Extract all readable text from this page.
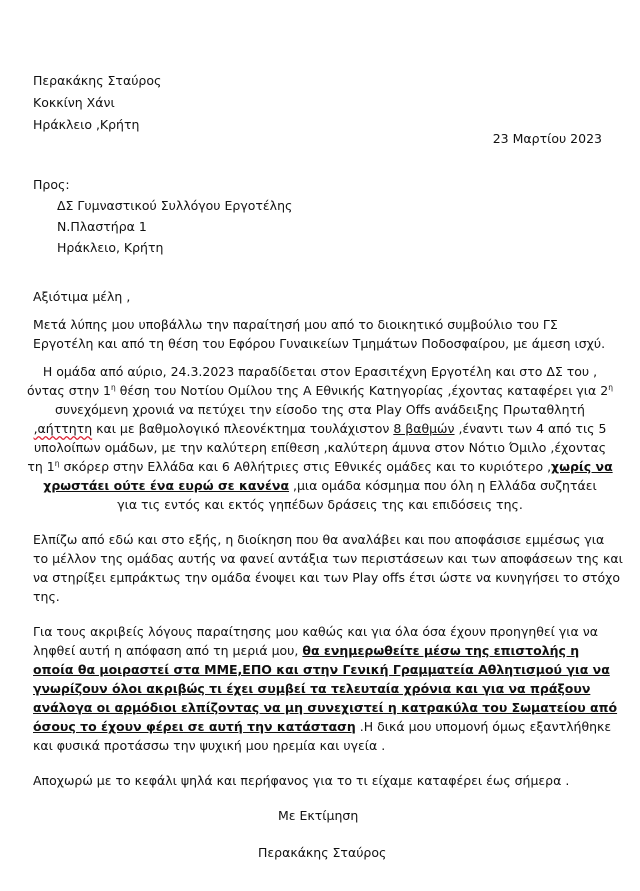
Περακάκης Σταύρος
Κοκκίνη Χάνι
Ηράκλειο ,Κρήτη
23 Μαρτίου 2023
Προς:
ΔΣ Γυμναστικού Συλλόγου Εργοτέλης
Ν.Πλαστήρα 1
Ηράκλειο, Κρήτη
Αξιότιμα μέλη ,
Μετά λύπης μου υποβάλλω την παραίτησή μου από το διοικητικό συμβούλιο του ΓΣ
Εργοτέλη και από τη θέση του Εφόρου Γυναικείων Τμημάτων Ποδοσφαίρου, με άμεση ισχύ.
Η ομάδα από αύριο, 24.3.2023 παραδίδεται στον Ερασιτέχνη Εργοτέλη και στο ΔΣ του ,
όντας στην $1^\eta$ θέση του Νοτίου Ομίλου της Α Εθνικής Κατηγορίας ,έχοντας καταφέρει για $2^\eta$
συνεχόμενη χρονιά να πετύχει την είσοδο της στα Play Offs ανάδειξης Πρωταθλητή
,αήττητη και με βαθμολογικό πλεονέκτημα τουλάχιστον 8 βαθμών ,έναντι των 4 από τις 5
υπολοίπων ομάδων, με την καλύτερη επίθεση ,καλύτερη άμυνα στον Νότιο Όμιλο ,έχοντας
τη $1^\eta$ σκόρερ στην Ελλάδα και 6 Αθλήτριες στις Εθνικές ομάδες και το κυριότερο ,χωρίς να
χρωστάει ούτε ένα ευρώ σε κανένα ,μια ομάδα κόσμημα που όλη η Ελλάδα συζητάει
για τις εντός και εκτός γηπέδων δράσεις της και επιδόσεις της.
Ελπίζω από εδώ και στο εξής, η διοίκηση που θα αναλάβει και που αποφάσισε εμμέσως για
το μέλλον της ομάδας αυτής να φανεί αντάξια των περιστάσεων και των αποφάσεων της και
να στηρίξει εμπράκτως την ομάδα ένοψει και των Play offs έτσι ώστε να κυνηγήσει το στόχο
της.
Για τους ακριβείς λόγους παραίτησης μου καθώς και για όλα όσα έχουν προηγηθεί για να
ληφθεί αυτή η απόφαση από τη μεριά μου, θα ενημερωθείτε μέσω της επιστολής η
οποία θα μοιραστεί στα ΜΜΕ,ΕΠΟ και στην Γενική Γραμματεία Αθλητισμού για να
γνωρίζουν όλοι ακριβώς τι έχει συμβεί τα τελευταία χρόνια και για να πράξουν
ανάλογα οι αρμόδιοι ελπίζοντας να μη συνεχιστεί η κατρακύλα του Σωματείου από
όσους το έχουν φέρει σε αυτή την κατάσταση .Η δικά μου υπομονή όμως εξαντλήθηκε
και φυσικά προτάσσω την ψυχική μου ηρεμία και υγεία .
Αποχωρώ με το κεφάλι ψηλά και περήφανος για το τι είχαμε καταφέρει έως σήμερα .
Με Εκτίμηση
Περακάκης Σταύρος
